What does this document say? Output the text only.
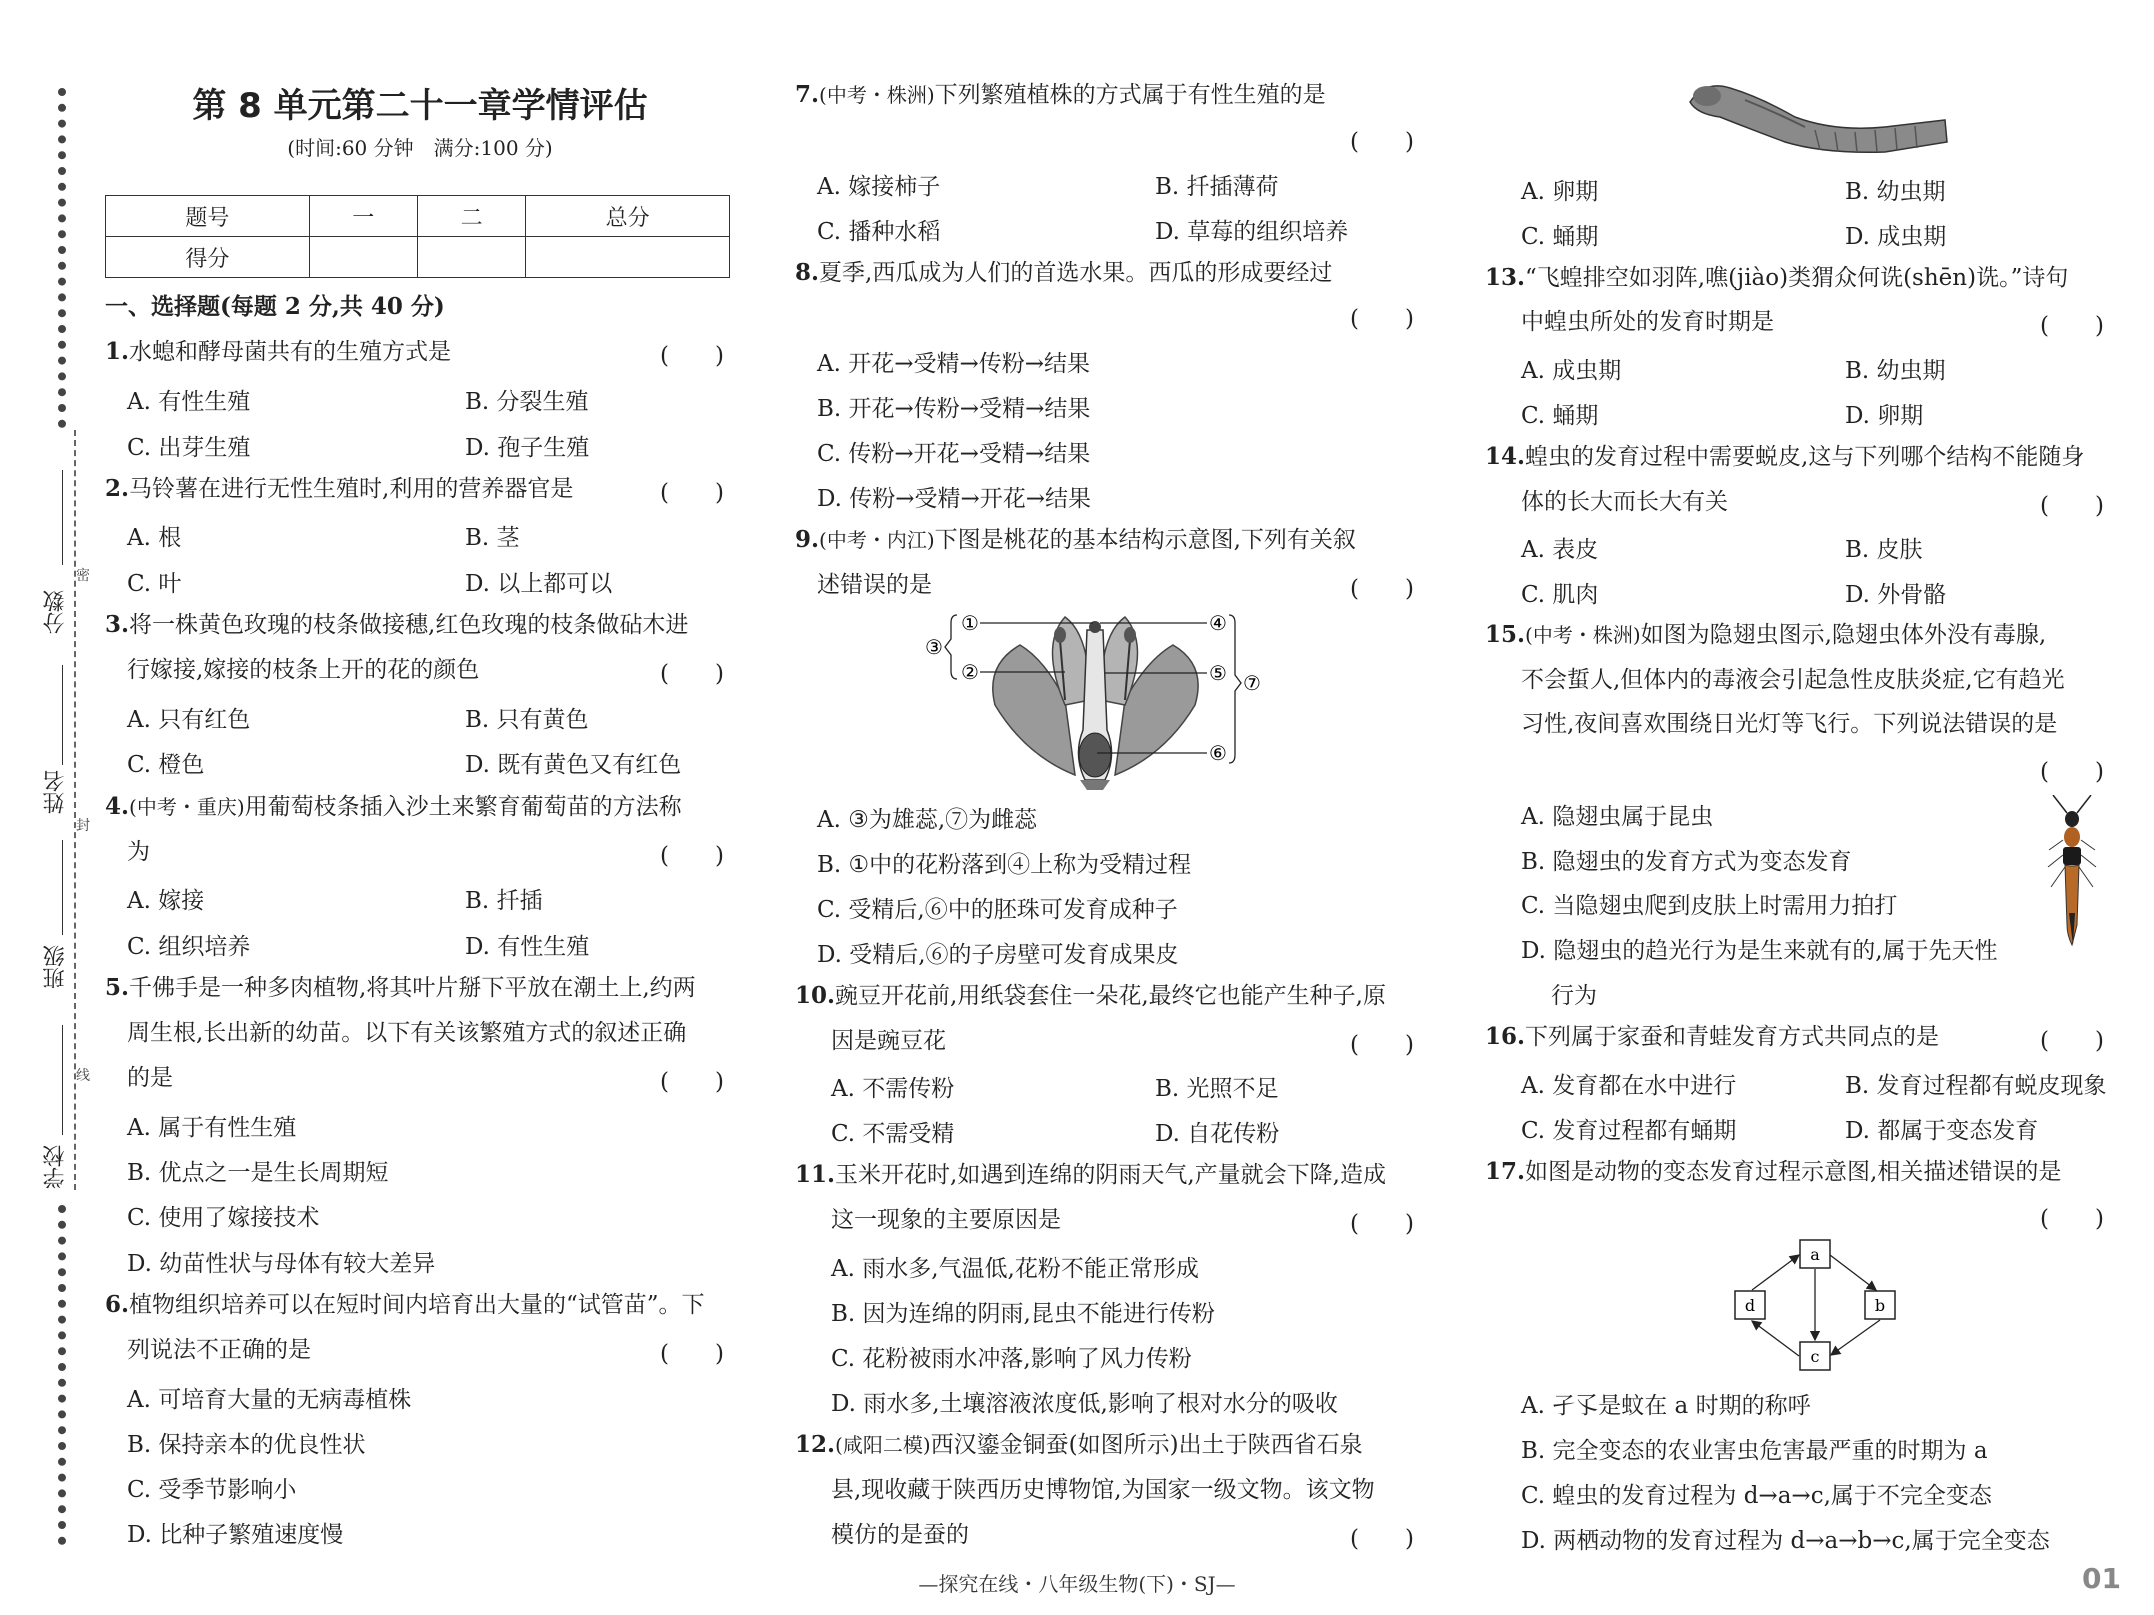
分数
姓名
班级
学校
密
封
线
第 8 单元第二十一章学情评估
(时间:60 分钟　满分:100 分)
题号	一	二	总分
得分			
一、选择题(每题 2 分,共 40 分)
1.水螅和酵母菌共有的生殖方式是	(　　)
A. 有性生殖	B. 分裂生殖
C. 出芽生殖	D. 孢子生殖
2.马铃薯在进行无性生殖时,利用的营养器官是	(　　)
A. 根	B. 茎
C. 叶	D. 以上都可以
3.将一株黄色玫瑰的枝条做接穗,红色玫瑰的枝条做砧木进
行嫁接,嫁接的枝条上开的花的颜色	(　　)
A. 只有红色	B. 只有黄色
C. 橙色	D. 既有黄色又有红色
4.(中考・重庆)用葡萄枝条插入沙土来繁育葡萄苗的方法称
为	(　　)
A. 嫁接	B. 扦插
C. 组织培养	D. 有性生殖
5.千佛手是一种多肉植物,将其叶片掰下平放在潮土上,约两
周生根,长出新的幼苗。以下有关该繁殖方式的叙述正确
的是	(　　)
A. 属于有性生殖
B. 优点之一是生长周期短
C. 使用了嫁接技术
D. 幼苗性状与母体有较大差异
6.植物组织培养可以在短时间内培育出大量的“试管苗”。下
列说法不正确的是	(　　)
A. 可培育大量的无病毒植株
B. 保持亲本的优良性状
C. 受季节影响小
D. 比种子繁殖速度慢
7.(中考・株洲)下列繁殖植株的方式属于有性生殖的是
(　　)
A. 嫁接柿子	B. 扦插薄荷
C. 播种水稻	D. 草莓的组织培养
8.夏季,西瓜成为人们的首选水果。西瓜的形成要经过
(　　)
A. 开花→受精→传粉→结果
B. 开花→传粉→受精→结果
C. 传粉→开花→受精→结果
D. 传粉→受精→开花→结果
9.(中考・内江)下图是桃花的基本结构示意图,下列有关叙
述错误的是	(　　)
①
②
③
④
⑤
⑥
⑦
A. ③为雄蕊,⑦为雌蕊
B. ①中的花粉落到④上称为受精过程
C. 受精后,⑥中的胚珠可发育成种子
D. 受精后,⑥的子房壁可发育成果皮
10.豌豆开花前,用纸袋套住一朵花,最终它也能产生种子,原
因是豌豆花	(　　)
A. 不需传粉	B. 光照不足
C. 不需受精	D. 自花传粉
11.玉米开花时,如遇到连绵的阴雨天气,产量就会下降,造成
这一现象的主要原因是	(　　)
A. 雨水多,气温低,花粉不能正常形成
B. 因为连绵的阴雨,昆虫不能进行传粉
C. 花粉被雨水冲落,影响了风力传粉
D. 雨水多,土壤溶液浓度低,影响了根对水分的吸收
12.(咸阳二模)西汉鎏金铜蚕(如图所示)出土于陕西省石泉
县,现收藏于陕西历史博物馆,为国家一级文物。该文物
模仿的是蚕的	(　　)
A. 卵期	B. 幼虫期
C. 蛹期	D. 成虫期
13.“飞蝗排空如羽阵,噍(jiào)类猬众何诜(shēn)诜。”诗句
中蝗虫所处的发育时期是	(　　)
A. 成虫期	B. 幼虫期
C. 蛹期	D. 卵期
14.蝗虫的发育过程中需要蜕皮,这与下列哪个结构不能随身
体的长大而长大有关	(　　)
A. 表皮	B. 皮肤
C. 肌肉	D. 外骨骼
15.(中考・株洲)如图为隐翅虫图示,隐翅虫体外没有毒腺,
不会蜇人,但体内的毒液会引起急性皮肤炎症,它有趋光
习性,夜间喜欢围绕日光灯等飞行。下列说法错误的是
(　　)
A. 隐翅虫属于昆虫
B. 隐翅虫的发育方式为变态发育
C. 当隐翅虫爬到皮肤上时需用力拍打
D. 隐翅虫的趋光行为是生来就有的,属于先天性
行为
16.下列属于家蚕和青蛙发育方式共同点的是	(　　)
A. 发育都在水中进行	B. 发育过程都有蜕皮现象
C. 发育过程都有蛹期	D. 都属于变态发育
17.如图是动物的变态发育过程示意图,相关描述错误的是
(　　)
a
b
c
d
A. 孑孓是蚊在 a 时期的称呼
B. 完全变态的农业害虫危害最严重的时期为 a
C. 蝗虫的发育过程为 d→a→c,属于不完全变态
D. 两栖动物的发育过程为 d→a→b→c,属于完全变态
—探究在线・八年级生物(下)・SJ—	01
